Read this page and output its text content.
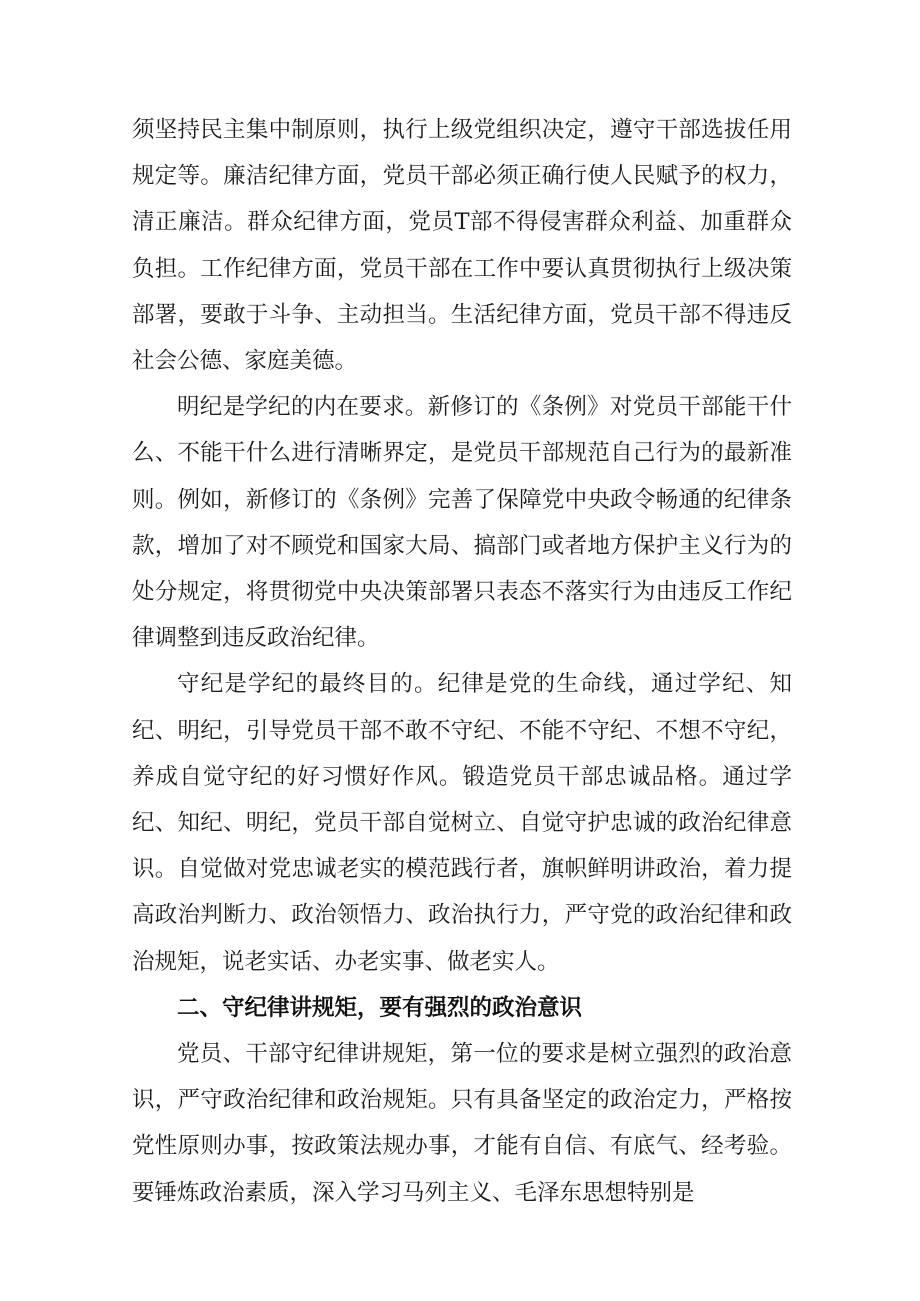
须坚持民主集中制原则，执行上级党组织决定，遵守干部选拔任用规定等。廉洁纪律方面，党员干部必须正确行使人民赋予的权力，清正廉洁。群众纪律方面，党员T部不得侵害群众利益、加重群众负担。工作纪律方面，党员干部在工作中要认真贯彻执行上级决策部署，要敢于斗争、主动担当。生活纪律方面，党员干部不得违反社会公德、家庭美德。

明纪是学纪的内在要求。新修订的《条例》对党员干部能干什么、不能干什么进行清晰界定，是党员干部规范自己行为的最新准则。例如，新修订的《条例》完善了保障党中央政令畅通的纪律条款，增加了对不顾党和国家大局、搞部门或者地方保护主义行为的处分规定，将贯彻党中央决策部署只表态不落实行为由违反工作纪律调整到违反政治纪律。

守纪是学纪的最终目的。纪律是党的生命线，通过学纪、知纪、明纪，引导党员干部不敢不守纪、不能不守纪、不想不守纪，养成自觉守纪的好习惯好作风。锻造党员干部忠诚品格。通过学纪、知纪、明纪，党员干部自觉树立、自觉守护忠诚的政治纪律意识。自觉做对党忠诚老实的模范践行者，旗帜鲜明讲政治，着力提高政治判断力、政治领悟力、政治执行力，严守党的政治纪律和政治规矩，说老实话、办老实事、做老实人。

二、守纪律讲规矩，要有强烈的政治意识

党员、干部守纪律讲规矩，第一位的要求是树立强烈的政治意识，严守政治纪律和政治规矩。只有具备坚定的政治定力，严格按党性原则办事，按政策法规办事，才能有自信、有底气、经考验。要锤炼政治素质，深入学习马列主义、毛泽东思想特别是
